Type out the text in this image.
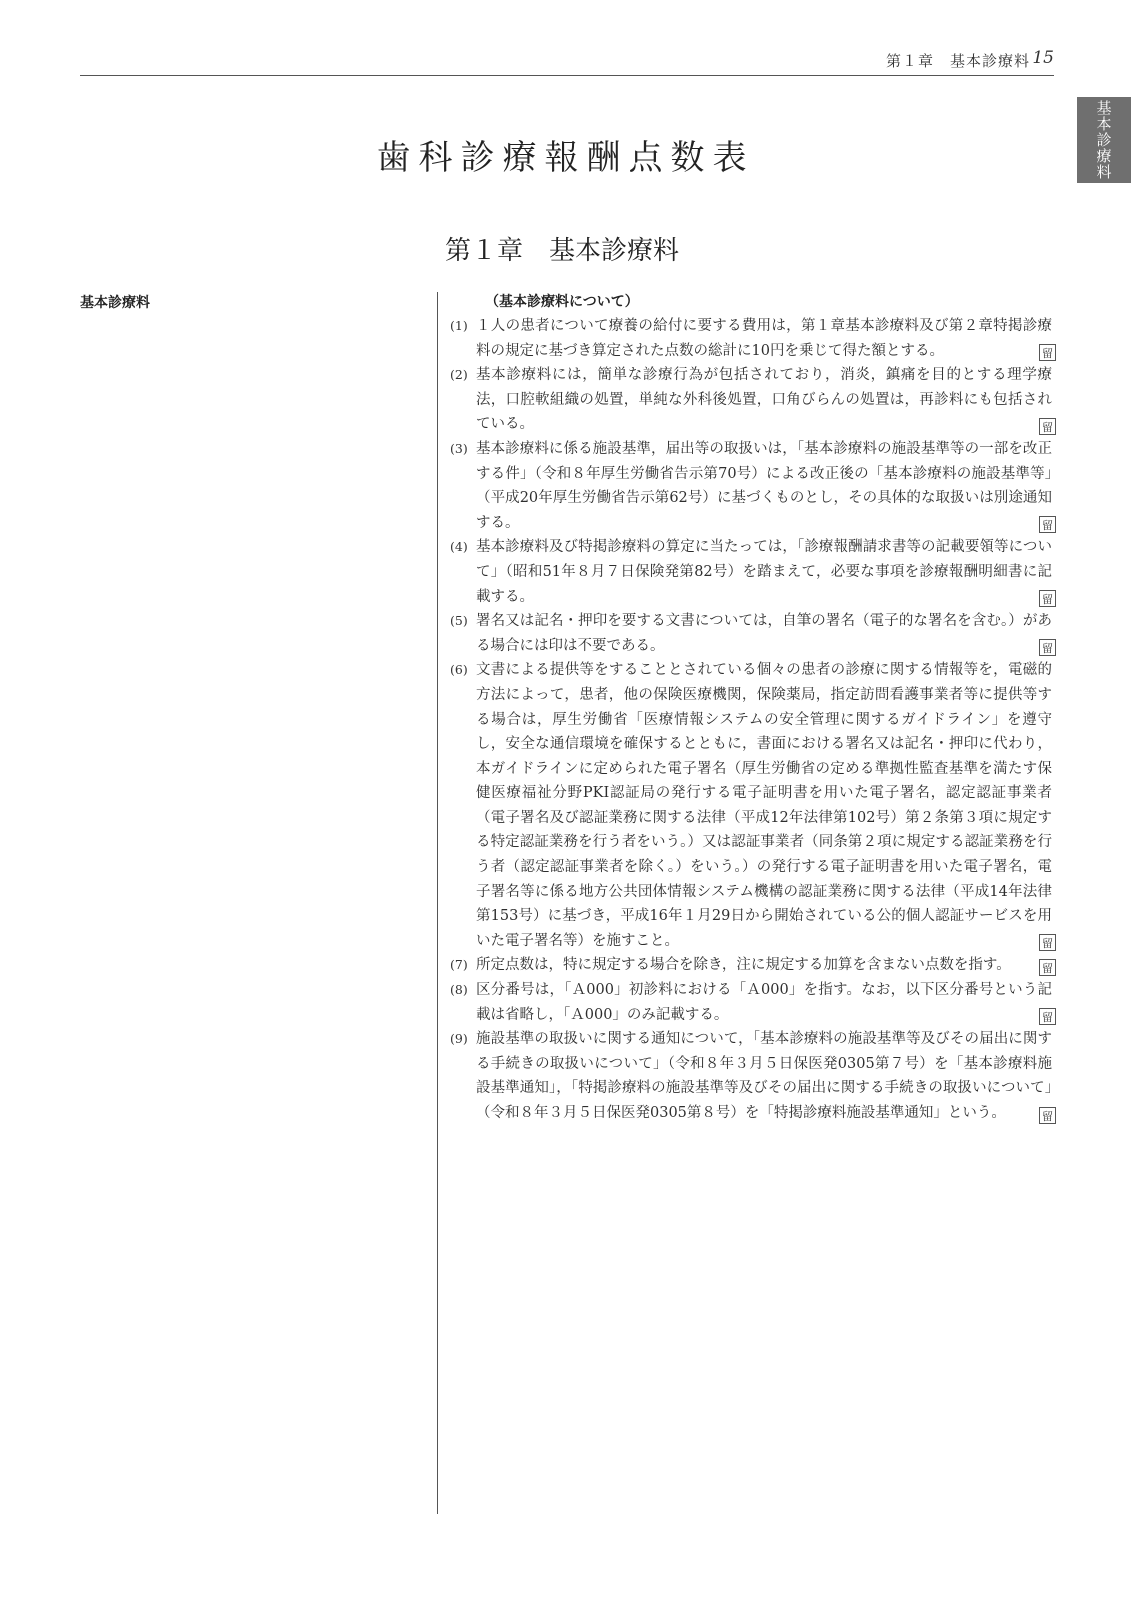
第１章　基本診療料 15
基本診療料
歯科診療報酬点数表
第１章　基本診療料
基本診療料	（基本診療料について）
(1) １人の患者について療養の給付に要する費用は，第１章基本診療料及び第２章特掲診療料の規定に基づき算定された点数の総計に10円を乗じて得た額とする。	留
(2) 基本診療料には，簡単な診療行為が包括されており，消炎，鎮痛を目的とする理学療法，口腔軟組織の処置，単純な外科後処置，口角びらんの処置は，再診料にも包括されている。	留
(3) 基本診療料に係る施設基準，届出等の取扱いは，「基本診療料の施設基準等の一部を改正する件」（令和８年厚生労働省告示第70号）による改正後の「基本診療料の施設基準等」（平成20年厚生労働省告示第62号）に基づくものとし，その具体的な取扱いは別途通知する。	留
(4) 基本診療料及び特掲診療料の算定に当たっては，「診療報酬請求書等の記載要領等について」（昭和51年８月７日保険発第82号）を踏まえて，必要な事項を診療報酬明細書に記載する。	留
(5) 署名又は記名・押印を要する文書については，自筆の署名（電子的な署名を含む。）がある場合には印は不要である。	留
(6) 文書による提供等をすることとされている個々の患者の診療に関する情報等を，電磁的方法によって，患者，他の保険医療機関，保険薬局，指定訪問看護事業者等に提供等する場合は，厚生労働省「医療情報システムの安全管理に関するガイドライン」を遵守し，安全な通信環境を確保するとともに，書面における署名又は記名・押印に代わり，本ガイドラインに定められた電子署名（厚生労働省の定める準拠性監査基準を満たす保健医療福祉分野PKI認証局の発行する電子証明書を用いた電子署名，認定認証事業者（電子署名及び認証業務に関する法律（平成12年法律第102号）第２条第３項に規定する特定認証業務を行う者をいう。）又は認証事業者（同条第２項に規定する認証業務を行う者（認定認証事業者を除く。）をいう。）の発行する電子証明書を用いた電子署名，電子署名等に係る地方公共団体情報システム機構の認証業務に関する法律（平成14年法律第153号）に基づき，平成16年１月29日から開始されている公的個人認証サービスを用いた電子署名等）を施すこと。	留
(7) 所定点数は，特に規定する場合を除き，注に規定する加算を含まない点数を指す。	留
(8) 区分番号は，「Ａ000」初診料における「Ａ000」を指す。なお，以下区分番号という記載は省略し，「Ａ000」のみ記載する。	留
(9) 施設基準の取扱いに関する通知について，「基本診療料の施設基準等及びその届出に関する手続きの取扱いについて」（令和８年３月５日保医発0305第７号）を「基本診療料施設基準通知」，「特掲診療料の施設基準等及びその届出に関する手続きの取扱いについて」（令和８年３月５日保医発0305第８号）を「特掲診療料施設基準通知」という。	留
